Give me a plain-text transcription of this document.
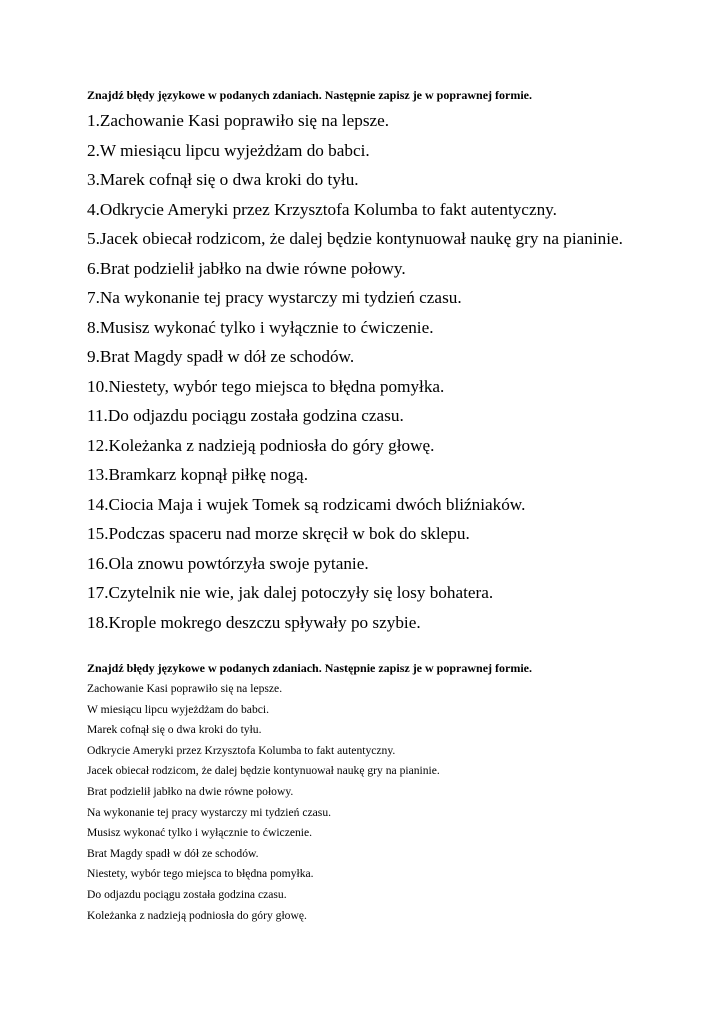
Znajdź błędy językowe w podanych zdaniach. Następnie zapisz je w poprawnej formie.

1.Zachowanie Kasi poprawiło się na lepsze.
2.W miesiącu lipcu wyjeżdżam do babci.
3.Marek cofnął się o dwa kroki do tyłu.
4.Odkrycie Ameryki przez Krzysztofa Kolumba to fakt autentyczny.
5.Jacek obiecał rodzicom, że dalej będzie kontynuował naukę gry na pianinie.
6.Brat podzielił jabłko na dwie równe połowy.
7.Na wykonanie tej pracy wystarczy mi tydzień czasu.
8.Musisz wykonać tylko i wyłącznie to ćwiczenie.
9.Brat Magdy spadł w dół ze schodów.
10.Niestety, wybór tego miejsca to błędna pomyłka.
11.Do odjazdu pociągu została godzina czasu.
12.Koleżanka z nadzieją podniosła do góry głowę.
13.Bramkarz kopnął piłkę nogą.
14.Ciocia Maja i wujek Tomek są rodzicami dwóch bliźniaków.
15.Podczas spaceru nad morze skręcił w bok do sklepu.
16.Ola znowu powtórzyła swoje pytanie.
17.Czytelnik nie wie, jak dalej potoczyły się losy bohatera.
18.Krople mokrego deszczu spływały po szybie.

Znajdź błędy językowe w podanych zdaniach. Następnie zapisz je w poprawnej formie.

Zachowanie Kasi poprawiło się na lepsze.
W miesiącu lipcu wyjeżdżam do babci.
Marek cofnął się o dwa kroki do tyłu.
Odkrycie Ameryki przez Krzysztofa Kolumba to fakt autentyczny.
Jacek obiecał rodzicom, że dalej będzie kontynuował naukę gry na pianinie.
Brat podzielił jabłko na dwie równe połowy.
Na wykonanie tej pracy wystarczy mi tydzień czasu.
Musisz wykonać tylko i wyłącznie to ćwiczenie.
Brat Magdy spadł w dół ze schodów.
Niestety, wybór tego miejsca to błędna pomyłka.
Do odjazdu pociągu została godzina czasu.
Koleżanka z nadzieją podniosła do góry głowę.
